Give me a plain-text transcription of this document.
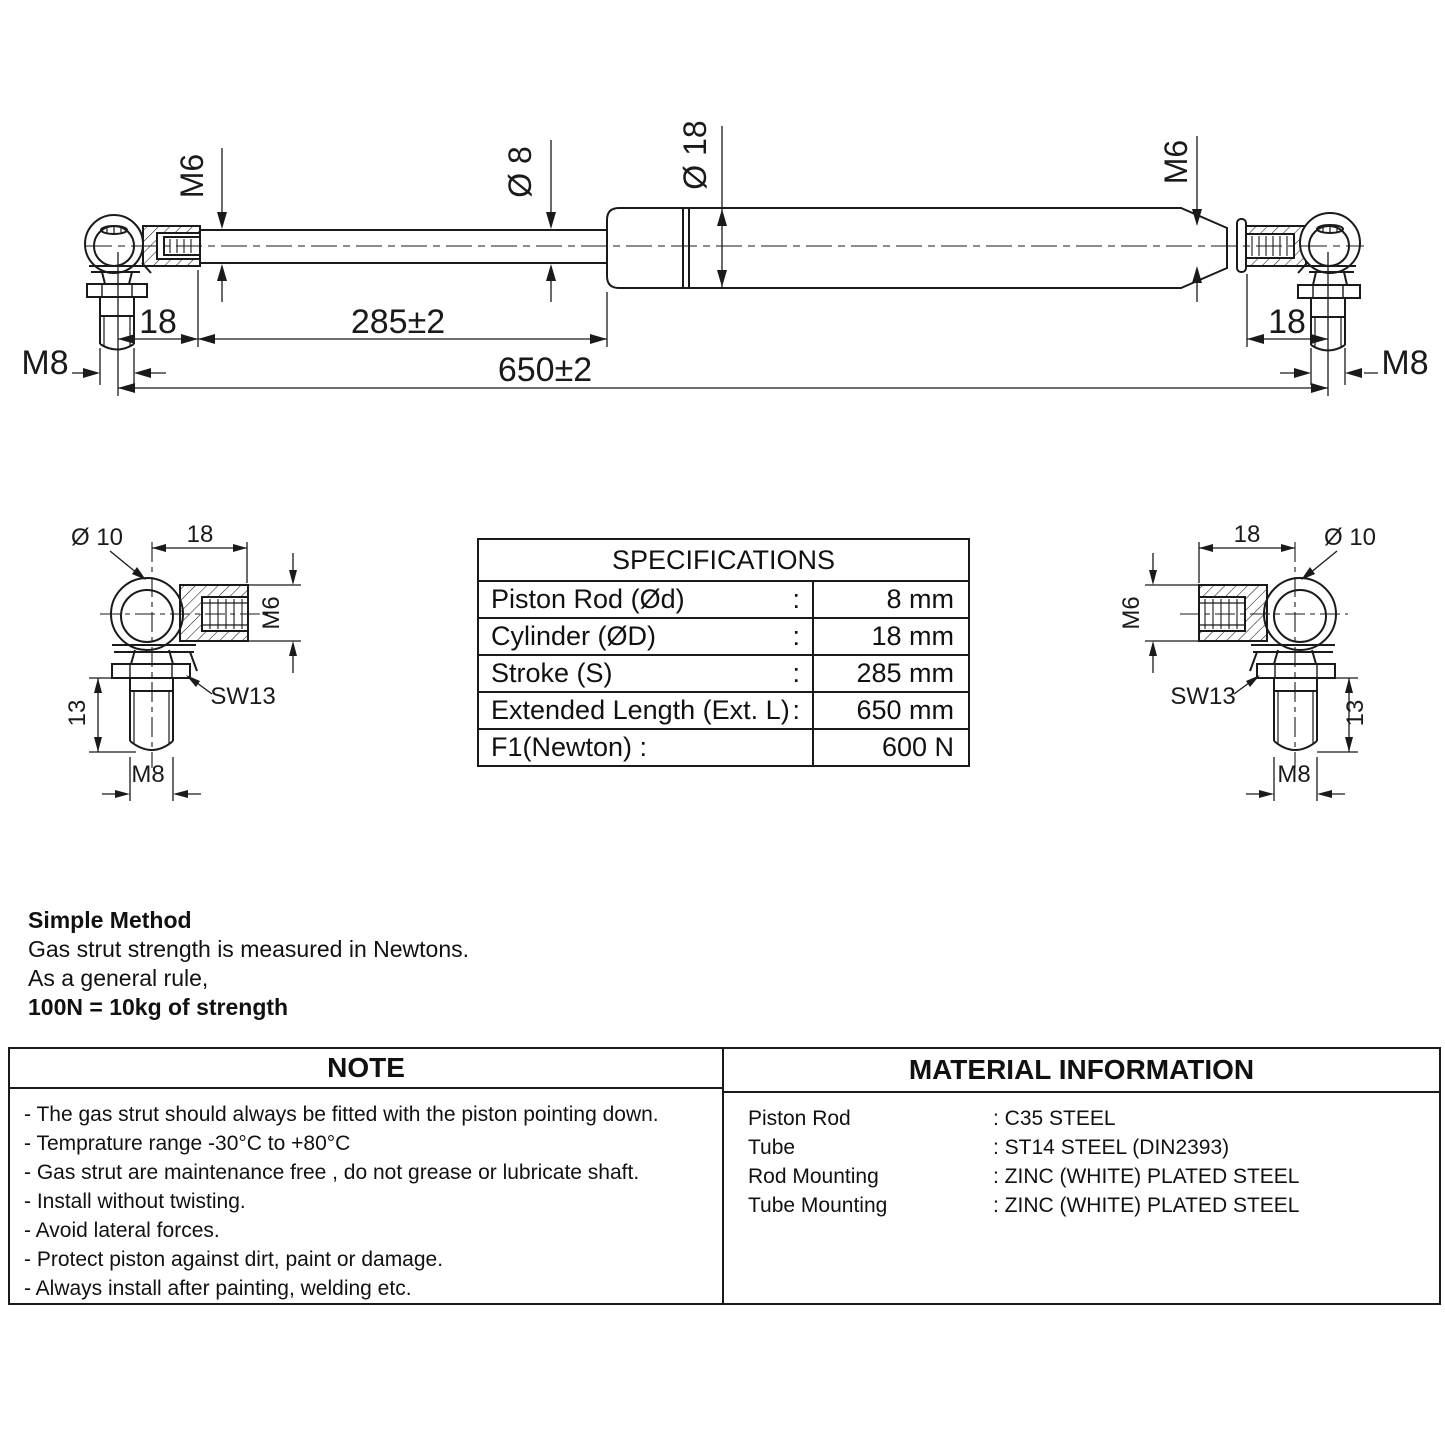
M6	Ø 8	Ø 18	M6
18	285±2
650±2
M8
18
M8
Ø 10	18
M6
SW13
13
M8
18	Ø 10
M6
SW13
13
M8
SPECIFICATIONS
Piston Rod (Ød)	:	8 mm
Cylinder (ØD)	:	18 mm
Stroke (S)	:	285 mm
Extended Length (Ext. L) :	650 mm
F1(Newton) :	600 N
Simple Method
Gas strut strength is measured in Newtons.
As a general rule,
100N = 10kg of strength
NOTE
- The gas strut should always be fitted with the piston pointing down.
- Temprature range -30°C to +80°C
- Gas strut are maintenance free , do not grease or lubricate shaft.
- Install without twisting.
- Avoid lateral forces.
- Protect piston against dirt, paint or damage.
- Always install after painting, welding etc.
MATERIAL INFORMATION
Piston Rod	: C35 STEEL
Tube	: ST14 STEEL (DIN2393)
Rod Mounting	: ZINC (WHITE) PLATED STEEL
Tube Mounting	: ZINC (WHITE) PLATED STEEL
